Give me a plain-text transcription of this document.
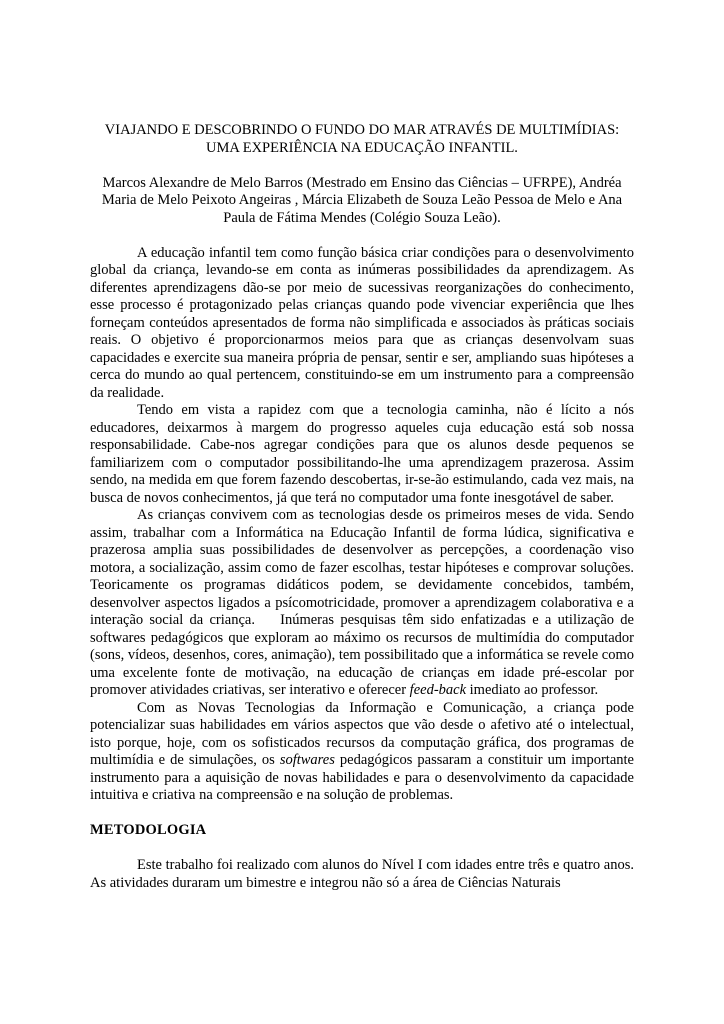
VIAJANDO E DESCOBRINDO O FUNDO DO MAR ATRAVÉS DE MULTIMÍDIAS:
UMA EXPERIÊNCIA NA EDUCAÇÃO INFANTIL.
Marcos Alexandre de Melo Barros (Mestrado em Ensino das Ciências – UFRPE), Andréa
Maria de Melo Peixoto Angeiras , Márcia Elizabeth de Souza Leão Pessoa de Melo e Ana
Paula de Fátima Mendes (Colégio Souza Leão).

A educação infantil tem como função básica criar condições para o desenvolvimento global da criança, levando-se em conta as inúmeras possibilidades da aprendizagem. As diferentes aprendizagens dão-se por meio de sucessivas reorganizações do conhecimento, esse processo é protagonizado pelas crianças quando pode vivenciar experiência que lhes forneçam conteúdos apresentados de forma não simplificada e associados às práticas sociais reais. O objetivo é proporcionarmos meios para que as crianças desenvolvam suas capacidades e exercite sua maneira própria de pensar, sentir e ser, ampliando suas hipóteses a cerca do mundo ao qual pertencem, constituindo-se em um instrumento para a compreensão da realidade.

Tendo em vista a rapidez com que a tecnologia caminha, não é lícito a nós educadores, deixarmos à margem do progresso aqueles cuja educação está sob nossa responsabilidade. Cabe-nos agregar condições para que os alunos desde pequenos se familiarizem com o computador possibilitando-lhe uma aprendizagem prazerosa. Assim sendo, na medida em que forem fazendo descobertas, ir-se-ão estimulando, cada vez mais, na busca de novos conhecimentos, já que terá no computador uma fonte inesgotável de saber.

As crianças convivem com as tecnologias desde os primeiros meses de vida. Sendo assim, trabalhar com a Informática na Educação Infantil de forma lúdica, significativa e prazerosa amplia suas possibilidades de desenvolver as percepções, a coordenação viso motora, a socialização, assim como de fazer escolhas, testar hipóteses e comprovar soluções. Teoricamente os programas didáticos podem, se devidamente concebidos, também, desenvolver aspectos ligados a psícomotricidade, promover a aprendizagem colaborativa e a interação social da criança.    Inúmeras pesquisas têm sido enfatizadas e a utilização de softwares pedagógicos que exploram ao máximo os recursos de multimídia do computador (sons, vídeos, desenhos, cores, animação), tem possibilitado que a informática se revele como uma excelente fonte de motivação, na educação de crianças em idade pré-escolar por promover atividades criativas, ser interativo e oferecer feed-back imediato ao professor.

Com as Novas Tecnologias da Informação e Comunicação, a criança pode potencializar suas habilidades em vários aspectos que vão desde o afetivo até o intelectual, isto porque, hoje, com os sofisticados recursos da computação gráfica, dos programas de multimídia e de simulações, os softwares pedagógicos passaram a constituir um importante instrumento para a aquisição de novas habilidades e para o desenvolvimento da capacidade intuitiva e criativa na compreensão e na solução de problemas.

METODOLOGIA

Este trabalho foi realizado com alunos do Nível I com idades entre três e quatro anos. As atividades duraram um bimestre e integrou não só a área de Ciências Naturais
